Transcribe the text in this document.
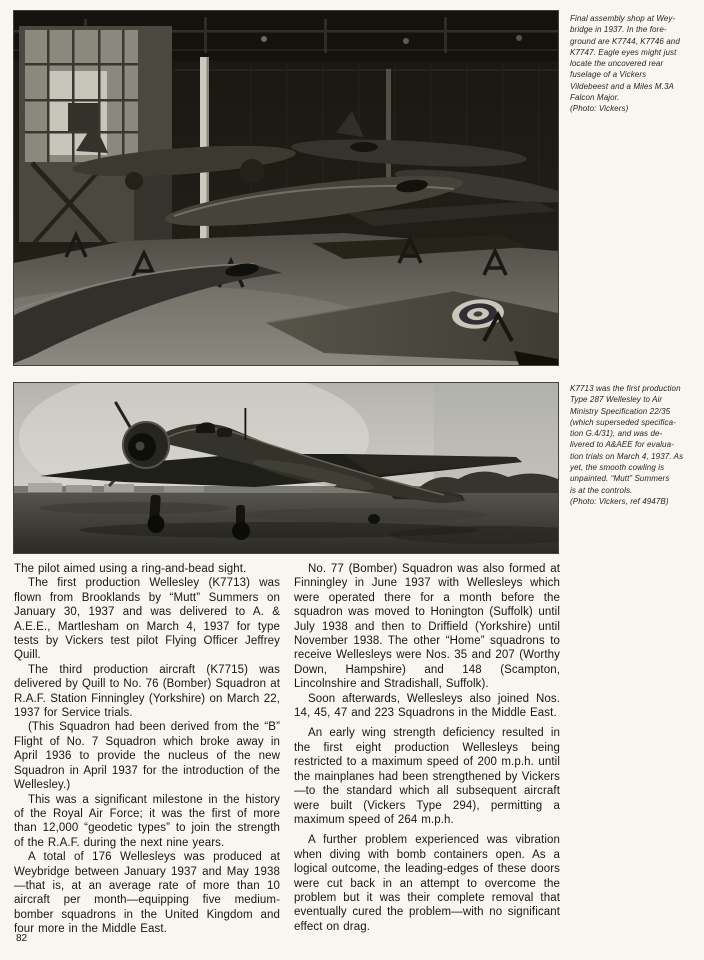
Final assembly shop at Wey-
bridge in 1937. In the fore-
ground are K7744, K7746 and
K7747. Eagle eyes might just
locate the uncovered rear
fuselage of a Vickers
Vildebeest and a Miles M.3A
Falcon Major.
(Photo: Vickers)
K7713 was the first production
Type 287 Wellesley to Air
Ministry Specification 22/35
(which superseded specifica-
tion G.4/31), and was de-
livered to A&AEE for evalua-
tion trials on March 4, 1937. As
yet, the smooth cowling is
unpainted. “Mutt” Summers
is at the controls.
(Photo: Vickers, ref 4947B)

The pilot aimed using a ring-and-bead sight.

The first production Wellesley (K7713) was flown from Brooklands by “Mutt” Summers on January 30, 1937 and was delivered to A. & A.E.E., Martlesham on March 4, 1937 for type tests by Vickers test pilot Flying Officer Jeffrey Quill.

The third production aircraft (K7715) was delivered by Quill to No. 76 (Bomber) Squadron at R.A.F. Station Finningley (Yorkshire) on March 22, 1937 for Service trials.

(This Squadron had been derived from the “B” Flight of No. 7 Squadron which broke away in April 1936 to provide the nucleus of the new Squadron in April 1937 for the introduction of the Wellesley.)

This was a significant milestone in the history of the Royal Air Force; it was the first of more than 12,000 “geodetic types” to join the strength of the R.A.F. during the next nine years.

A total of 176 Wellesleys was produced at Weybridge between January 1937 and May 1938—that is, at an average rate of more than 10 aircraft per month—equipping five medium-bomber squadrons in the United Kingdom and four more in the Middle East.

No. 77 (Bomber) Squadron was also formed at Finningley in June 1937 with Wellesleys which were operated there for a month before the squadron was moved to Honington (Suffolk) until July 1938 and then to Driffield (Yorkshire) until November 1938. The other “Home” squadrons to receive Wellesleys were Nos. 35 and 207 (Worthy Down, Hampshire) and 148 (Scampton, Lincolnshire and Stradishall, Suffolk).

Soon afterwards, Wellesleys also joined Nos. 14, 45, 47 and 223 Squadrons in the Middle East.

An early wing strength deficiency resulted in the first eight production Wellesleys being restricted to a maximum speed of 200 m.p.h. until the mainplanes had been strengthened by Vickers—to the standard which all subsequent aircraft were built (Vickers Type 294), permitting a maximum speed of 264 m.p.h.

A further problem experienced was vibration when diving with bomb containers open. As a logical outcome, the leading-edges of these doors were cut back in an attempt to overcome the problem but it was their complete removal that eventually cured the problem—with no significant effect on drag.

82
